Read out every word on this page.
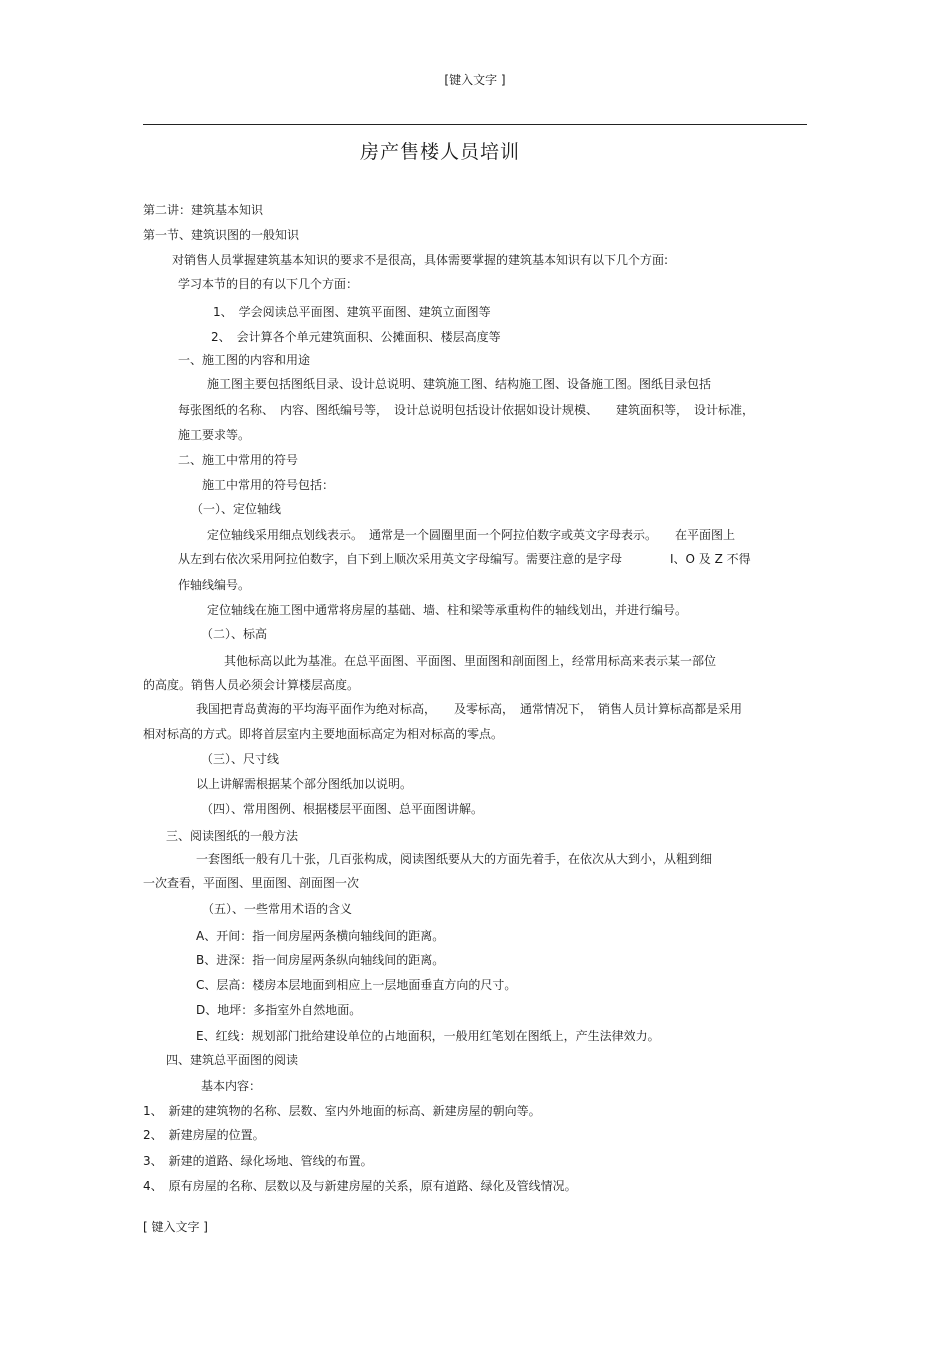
[键入文字 ]
房产售楼人员培训
第二讲：建筑基本知识
第一节、建筑识图的一般知识
对销售人员掌握建筑基本知识的要求不是很高，具体需要掌握的建筑基本知识有以下几个方面:
学习本节的目的有以下几个方面：
1、　学会阅读总平面图、建筑平面图、建筑立面图等
2、　会计算各个单元建筑面积、公摊面积、楼层高度等
一、施工图的内容和用途
施工图主要包括图纸目录、设计总说明、建筑施工图、结构施工图、设备施工图。图纸目录包括
每张图纸的名称、　内容、图纸编号等，　设计总说明包括设计依据如设计规模、　　建筑面积等，　设计标准，
施工要求等。
二、施工中常用的符号
施工中常用的符号包括：
（一）、定位轴线
定位轴线采用细点划线表示。　通常是一个圆圈里面一个阿拉伯数字或英文字母表示。　　在平面图上
从左到右依次采用阿拉伯数字，自下到上顺次采用英文字母编写。需要注意的是字母　　　　I、O 及 Z 不得
作轴线编号。
定位轴线在施工图中通常将房屋的基础、墙、柱和梁等承重构件的轴线划出，并进行编号。
（二）、标高
其他标高以此为基准。在总平面图、平面图、里面图和剖面图上，经常用标高来表示某一部位
的高度。销售人员必须会计算楼层高度。
我国把青岛黄海的平均海平面作为绝对标高，　　及零标高，　通常情况下，　销售人员计算标高都是采用
相对标高的方式。即将首层室内主要地面标高定为相对标高的零点。
（三）、尺寸线
以上讲解需根据某个部分图纸加以说明。
（四）、常用图例、根据楼层平面图、总平面图讲解。
三、阅读图纸的一般方法
一套图纸一般有几十张，几百张构成，阅读图纸要从大的方面先着手，在依次从大到小，从粗到细
一次查看，平面图、里面图、剖面图一次
（五）、一些常用术语的含义
A、开间：指一间房屋两条横向轴线间的距离。
B、进深：指一间房屋两条纵向轴线间的距离。
C、层高：楼房本层地面到相应上一层地面垂直方向的尺寸。
D、地坪：多指室外自然地面。
E、红线：规划部门批给建设单位的占地面积，一般用红笔划在图纸上，产生法律效力。
四、建筑总平面图的阅读
基本内容：
1、　新建的建筑物的名称、层数、室内外地面的标高、新建房屋的朝向等。
2、　新建房屋的位置。
3、　新建的道路、绿化场地、管线的布置。
4、　原有房屋的名称、层数以及与新建房屋的关系，原有道路、绿化及管线情况。
[ 键入文字 ]
